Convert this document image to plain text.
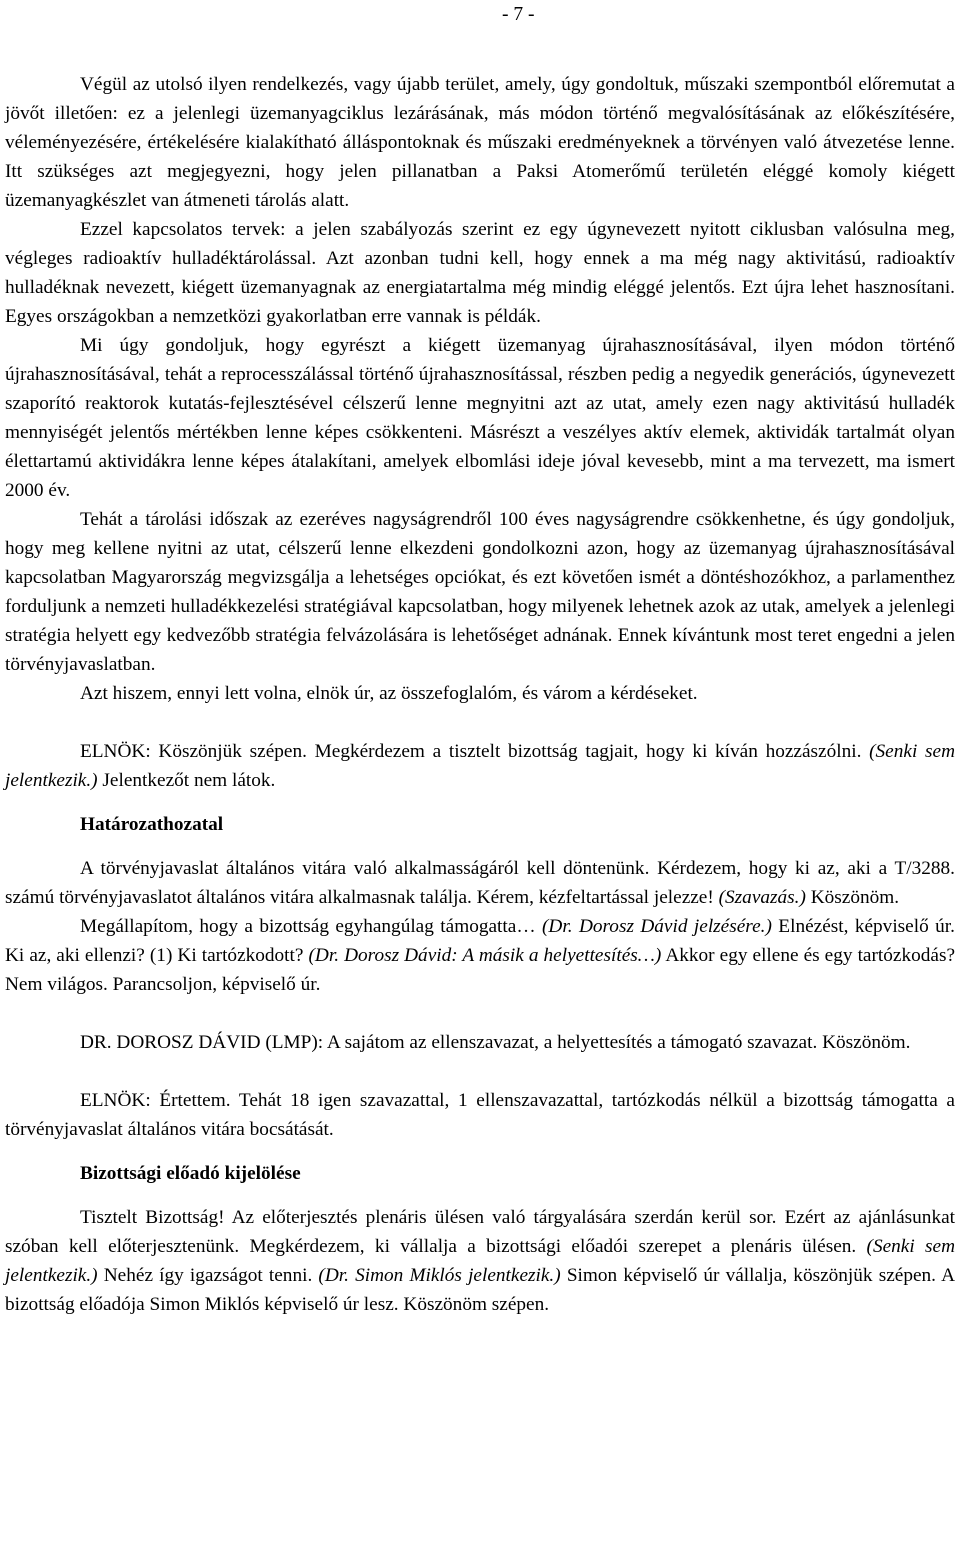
- 7 -

Végül az utolsó ilyen rendelkezés, vagy újabb terület, amely, úgy gondoltuk, műszaki szempontból előremutat a jövőt illetően: ez a jelenlegi üzemanyagciklus lezárásának, más módon történő megvalósításának az előkészítésére, véleményezésére, értékelésére kialakítható álláspontoknak és műszaki eredményeknek a törvényen való átvezetése lenne. Itt szükséges azt megjegyezni, hogy jelen pillanatban a Paksi Atomerőmű területén eléggé komoly kiégett üzemanyagkészlet van átmeneti tárolás alatt.

Ezzel kapcsolatos tervek: a jelen szabályozás szerint ez egy úgynevezett nyitott ciklusban valósulna meg, végleges radioaktív hulladéktárolással. Azt azonban tudni kell, hogy ennek a ma még nagy aktivitású, radioaktív hulladéknak nevezett, kiégett üzemanyagnak az energiatartalma még mindig eléggé jelentős. Ezt újra lehet hasznosítani. Egyes országokban a nemzetközi gyakorlatban erre vannak is példák.

Mi úgy gondoljuk, hogy egyrészt a kiégett üzemanyag újrahasznosításával, ilyen módon történő újrahasznosításával, tehát a reprocesszálással történő újrahasznosítással, részben pedig a negyedik generációs, úgynevezett szaporító reaktorok kutatás-fejlesztésével célszerű lenne megnyitni azt az utat, amely ezen nagy aktivitású hulladék mennyiségét jelentős mértékben lenne képes csökkenteni. Másrészt a veszélyes aktív elemek, aktividák tartalmát olyan élettartamú aktividákra lenne képes átalakítani, amelyek elbomlási ideje jóval kevesebb, mint a ma tervezett, ma ismert 2000 év.

Tehát a tárolási időszak az ezeréves nagyságrendről 100 éves nagyságrendre csökkenhetne, és úgy gondoljuk, hogy meg kellene nyitni az utat, célszerű lenne elkezdeni gondolkozni azon, hogy az üzemanyag újrahasznosításával kapcsolatban Magyarország megvizsgálja a lehetséges opciókat, és ezt követően ismét a döntéshozókhoz, a parlamenthez forduljunk a nemzeti hulladékkezelési stratégiával kapcsolatban, hogy milyenek lehetnek azok az utak, amelyek a jelenlegi stratégia helyett egy kedvezőbb stratégia felvázolására is lehetőséget adnának. Ennek kívántunk most teret engedni a jelen törvényjavaslatban.

Azt hiszem, ennyi lett volna, elnök úr, az összefoglalóm, és várom a kérdéseket.

ELNÖK: Köszönjük szépen. Megkérdezem a tisztelt bizottság tagjait, hogy ki kíván hozzászólni. (Senki sem jelentkezik.) Jelentkezőt nem látok.

Határozathozatal

A törvényjavaslat általános vitára való alkalmasságáról kell döntenünk. Kérdezem, hogy ki az, aki a T/3288. számú törvényjavaslatot általános vitára alkalmasnak találja. Kérem, kézfeltartással jelezze! (Szavazás.) Köszönöm.

Megállapítom, hogy a bizottság egyhangúlag támogatta… (Dr. Dorosz Dávid jelzésére.) Elnézést, képviselő úr. Ki az, aki ellenzi? (1) Ki tartózkodott? (Dr. Dorosz Dávid: A másik a helyettesítés…) Akkor egy ellene és egy tartózkodás? Nem világos. Parancsoljon, képviselő úr.

DR. DOROSZ DÁVID (LMP): A sajátom az ellenszavazat, a helyettesítés a támogató szavazat. Köszönöm.

ELNÖK: Értettem. Tehát 18 igen szavazattal, 1 ellenszavazattal, tartózkodás nélkül a bizottság támogatta a törvényjavaslat általános vitára bocsátását.

Bizottsági előadó kijelölése

Tisztelt Bizottság! Az előterjesztés plenáris ülésen való tárgyalására szerdán kerül sor. Ezért az ajánlásunkat szóban kell előterjesztenünk. Megkérdezem, ki vállalja a bizottsági előadói szerepet a plenáris ülésen. (Senki sem jelentkezik.) Nehéz így igazságot tenni. (Dr. Simon Miklós jelentkezik.) Simon képviselő úr vállalja, köszönjük szépen. A bizottság előadója Simon Miklós képviselő úr lesz. Köszönöm szépen.
